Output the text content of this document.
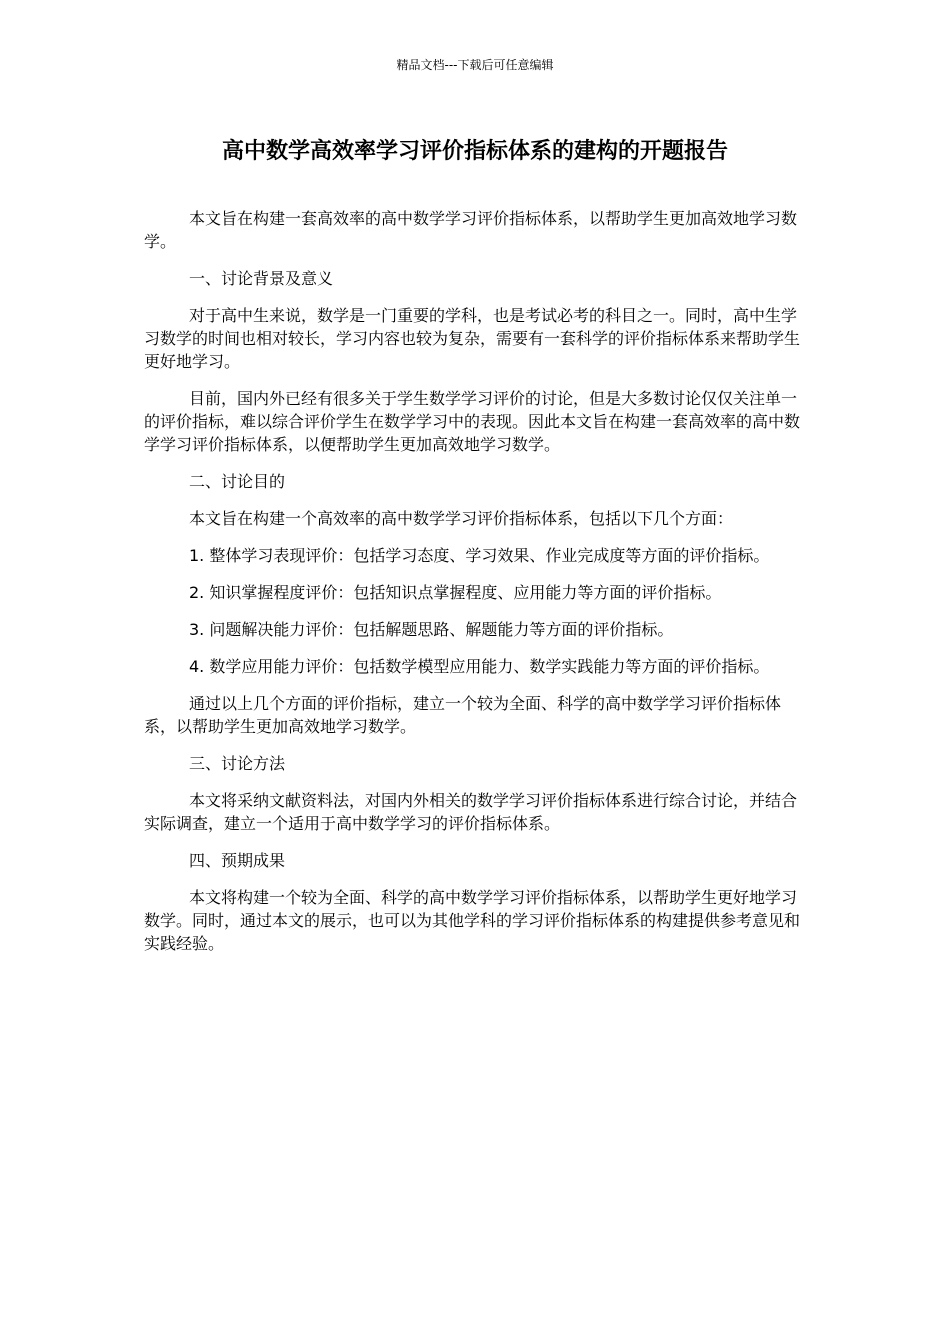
精品文档---下载后可任意编辑
高中数学高效率学习评价指标体系的建构的开题报告

本文旨在构建一套高效率的高中数学学习评价指标体系，以帮助学生更加高效地学习数学。

一、讨论背景及意义

对于高中生来说，数学是一门重要的学科，也是考试必考的科目之一。同时，高中生学习数学的时间也相对较长，学习内容也较为复杂，需要有一套科学的评价指标体系来帮助学生更好地学习。

目前，国内外已经有很多关于学生数学学习评价的讨论，但是大多数讨论仅仅关注单一的评价指标，难以综合评价学生在数学学习中的表现。因此本文旨在构建一套高效率的高中数学学习评价指标体系，以便帮助学生更加高效地学习数学。

二、讨论目的

本文旨在构建一个高效率的高中数学学习评价指标体系，包括以下几个方面：

1. 整体学习表现评价：包括学习态度、学习效果、作业完成度等方面的评价指标。

2. 知识掌握程度评价：包括知识点掌握程度、应用能力等方面的评价指标。

3. 问题解决能力评价：包括解题思路、解题能力等方面的评价指标。

4. 数学应用能力评价：包括数学模型应用能力、数学实践能力等方面的评价指标。

通过以上几个方面的评价指标，建立一个较为全面、科学的高中数学学习评价指标体系，以帮助学生更加高效地学习数学。

三、讨论方法

本文将采纳文献资料法，对国内外相关的数学学习评价指标体系进行综合讨论，并结合实际调查，建立一个适用于高中数学学习的评价指标体系。

四、预期成果

本文将构建一个较为全面、科学的高中数学学习评价指标体系，以帮助学生更好地学习数学。同时，通过本文的展示，也可以为其他学科的学习评价指标体系的构建提供参考意见和实践经验。
